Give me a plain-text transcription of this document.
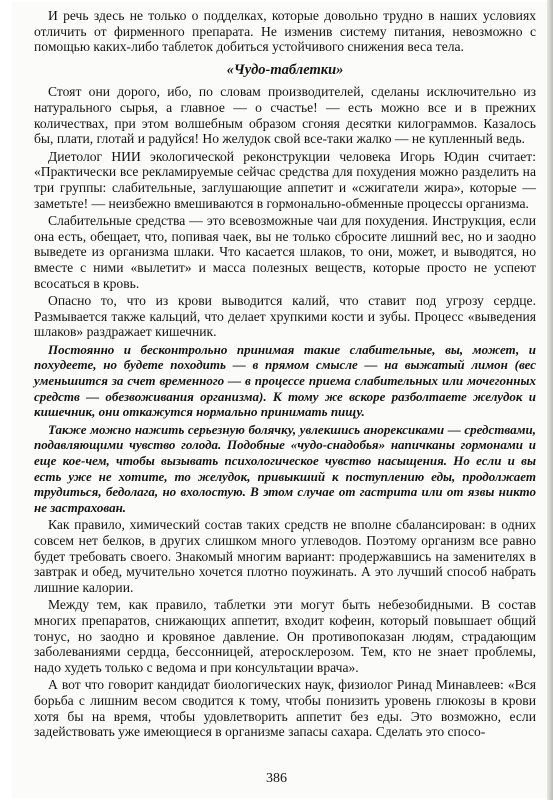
И речь здесь не только о подделках, которые довольно трудно в наших условиях отличить от фирменного препарата. Не изменив систему питания, невозможно с помощью каких-либо таблеток добиться устойчивого снижения веса тела.

«Чудо-таблетки»

Стоят они дорого, ибо, по словам производителей, сделаны исключительно из натурального сырья, а главное — о счастье! — есть можно все и в прежних количествах, при этом волшебным образом сгоняя десятки килограммов. Казалось бы, плати, глотай и радуйся! Но желудок свой все-таки жалко — не купленный ведь.

Диетолог НИИ экологической реконструкции человека Игорь Юдин считает: «Практически все рекламируемые сейчас средства для похудения можно разделить на три группы: слабительные, заглушающие аппетит и «сжигатели жира», которые — заметьте! — неизбежно вмешиваются в гормонально-обменные процессы организма.

Слабительные средства — это всевозможные чаи для похудения. Инструкция, если она есть, обещает, что, попивая чаек, вы не только сбросите лишний вес, но и заодно выведете из организма шлаки. Что касается шлаков, то они, может, и выводятся, но вместе с ними «вылетит» и масса полезных веществ, которые просто не успеют всосаться в кровь.

Опасно то, что из крови выводится калий, что ставит под угрозу сердце. Размывается также кальций, что делает хрупкими кости и зубы. Процесс «выведения шлаков» раздражает кишечник.

Постоянно и бесконтрольно принимая такие слабительные, вы, может, и похудеете, но будете походить — в прямом смысле — на выжатый лимон (вес уменьшится за счет временного — в процессе приема слабительных или мочегонных средств — обезвоживания организма). К тому же вскоре разболтаете желудок и кишечник, они откажутся нормально принимать пищу.

Также можно нажить серьезную болячку, увлекшись анорексиками — средствами, подавляющими чувство голода. Подобные «чудо-снадобья» напичканы гормонами и еще кое-чем, чтобы вызывать психологическое чувство насыщения. Но если и вы есть уже не хотите, то желудок, привыкший к поступлению еды, продолжает трудиться, бедолага, но вхолостую. В этом случае от гастрита или от язвы никто не застрахован.

Как правило, химический состав таких средств не вполне сбалансирован: в одних совсем нет белков, в других слишком много углеводов. Поэтому организм все равно будет требовать своего. Знакомый многим вариант: продержавшись на заменителях в завтрак и обед, мучительно хочется плотно поужинать. А это лучший способ набрать лишние калории.

Между тем, как правило, таблетки эти могут быть небезобидными. В состав многих препаратов, снижающих аппетит, входит кофеин, который повышает общий тонус, но заодно и кровяное давление. Он противопоказан людям, страдающим заболеваниями сердца, бессонницей, атеросклерозом. Тем, кто не знает проблемы, надо худеть только с ведома и при консультации врача».

А вот что говорит кандидат биологических наук, физиолог Ринад Минавлеев: «Вся борьба с лишним весом сводится к тому, чтобы понизить уровень глюкозы в крови хотя бы на время, чтобы удовлетворить аппетит без еды. Это возможно, если задействовать уже имеющиеся в организме запасы сахара. Сделать это спосо-

386
